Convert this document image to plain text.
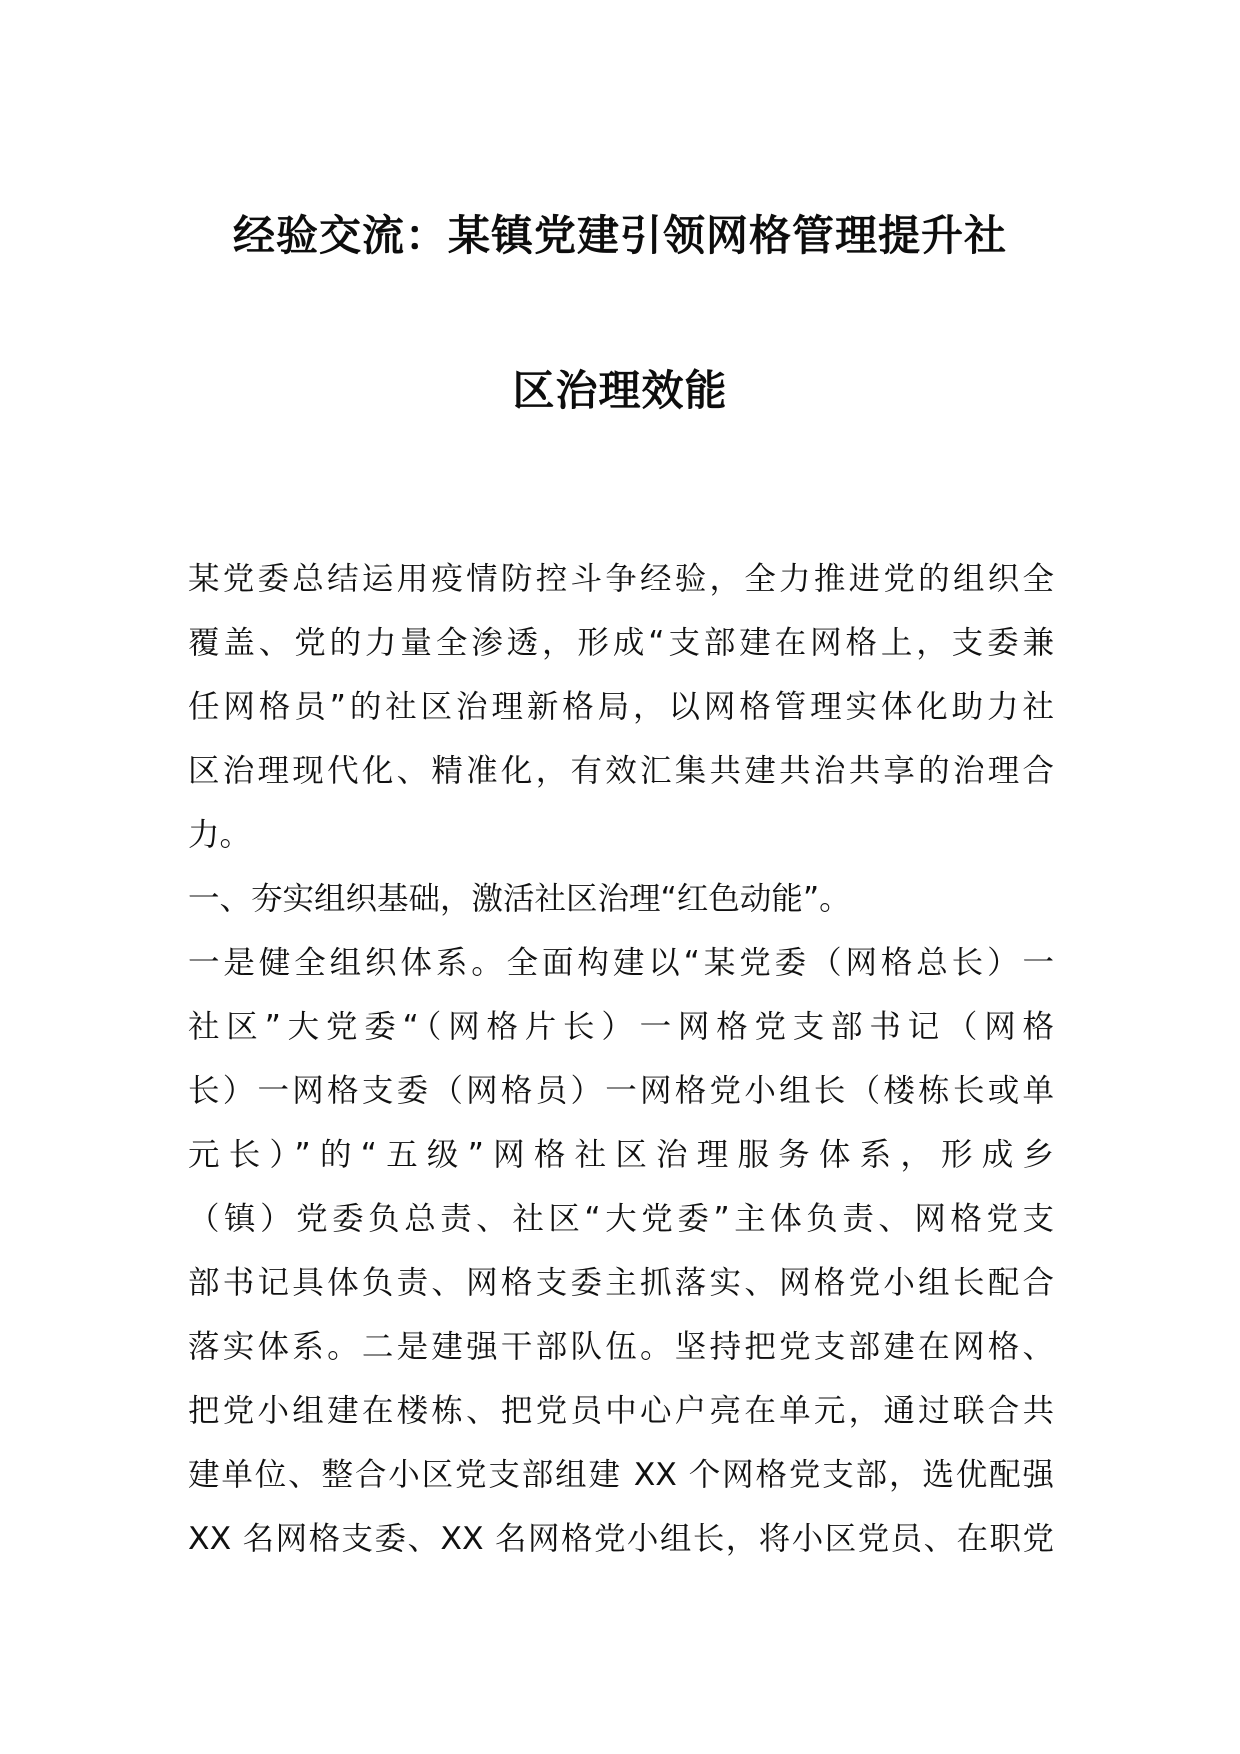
经验交流：某镇党建引领网格管理提升社
区治理效能
某党委总结运用疫情防控斗争经验，全力推进党的组织全
覆盖、党的力量全渗透，形成“支部建在网格上，支委兼
任网格员”的社区治理新格局，以网格管理实体化助力社
区治理现代化、精准化，有效汇集共建共治共享的治理合
力。
一、夯实组织基础，激活社区治理“红色动能”。
一是健全组织体系。全面构建以“某党委（网格总长）一
社区”大党委“（网格片长）一网格党支部书记（网格
长）一网格支委（网格员）一网格党小组长（楼栋长或单
元长）”的“五级”网格社区治理服务体系，形成乡
（镇）党委负总责、社区“大党委”主体负责、网格党支
部书记具体负责、网格支委主抓落实、网格党小组长配合
落实体系。二是建强干部队伍。坚持把党支部建在网格、
把党小组建在楼栋、把党员中心户亮在单元，通过联合共
建单位、整合小区党支部组建 XX 个网格党支部，选优配强
XX 名网格支委、XX 名网格党小组长，将小区党员、在职党
